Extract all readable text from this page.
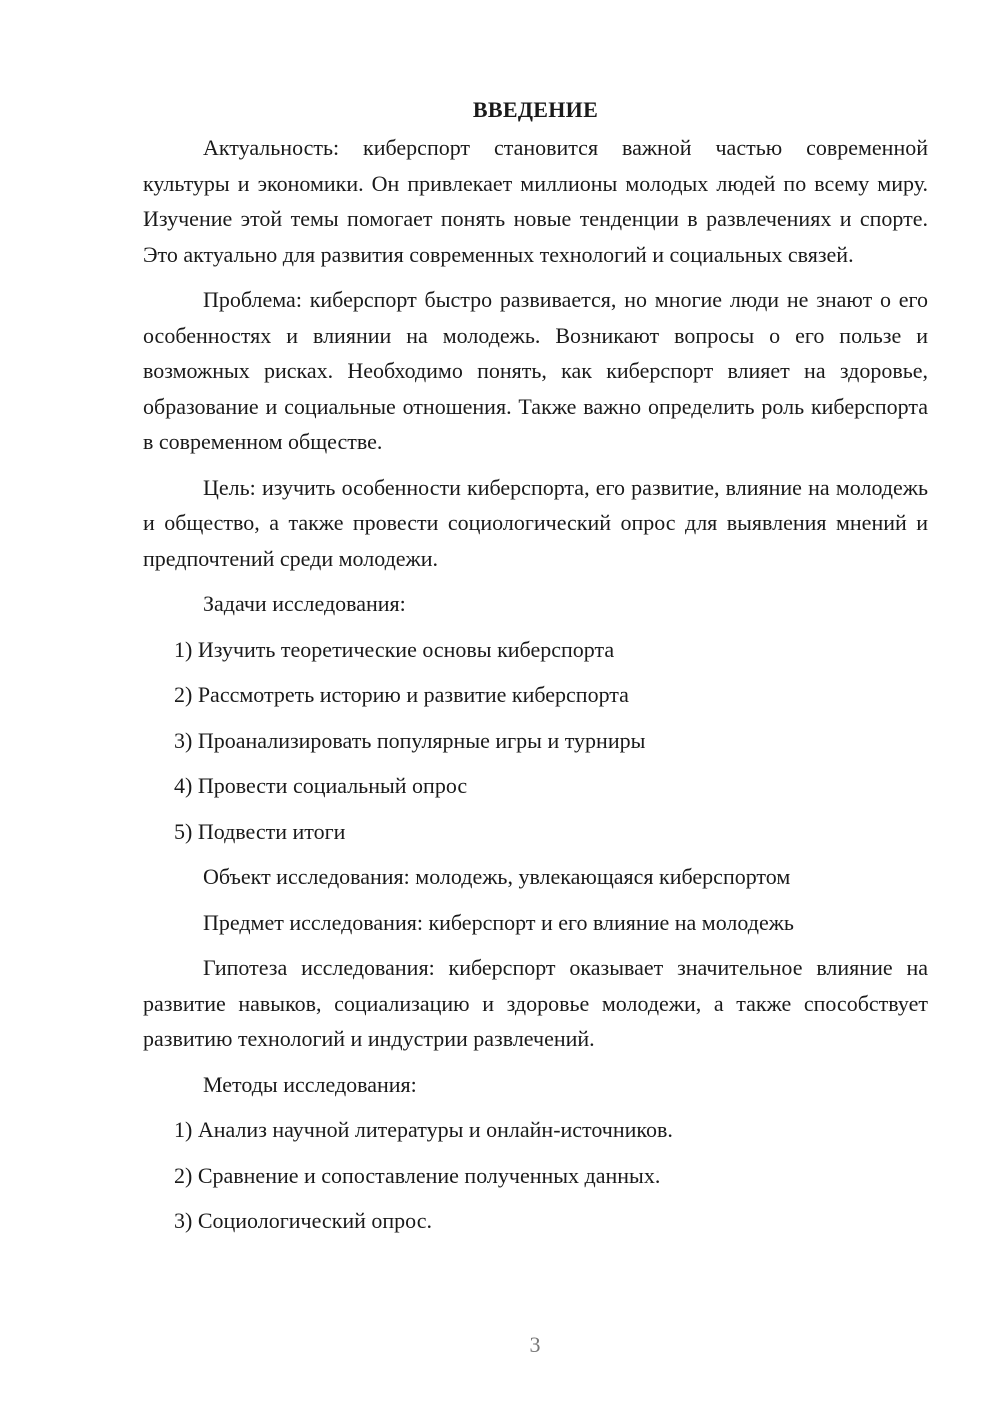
ВВЕДЕНИЕ

Актуальность: киберспорт становится важной частью современной культуры и экономики. Он привлекает миллионы молодых людей по всему миру. Изучение этой темы помогает понять новые тенденции в развлечениях и спорте. Это актуально для развития современных технологий и социальных связей.

Проблема: киберспорт быстро развивается, но многие люди не знают о его особенностях и влиянии на молодежь. Возникают вопросы о его пользе и возможных рисках. Необходимо понять, как киберспорт влияет на здоровье, образование и социальные отношения. Также важно определить роль киберспорта в современном обществе.

Цель: изучить особенности киберспорта, его развитие, влияние на молодежь и общество, а также провести социологический опрос для выявления мнений и предпочтений среди молодежи.

Задачи исследования:
1) Изучить теоретические основы киберспорта
2) Рассмотреть историю и развитие киберспорта
3) Проанализировать популярные игры и турниры
4) Провести социальный опрос
5) Подвести итоги
Объект исследования: молодежь, увлекающаяся киберспортом
Предмет исследования: киберспорт и его влияние на молодежь

Гипотеза исследования: киберспорт оказывает значительное влияние на развитие навыков, социализацию и здоровье молодежи, а также способствует развитию технологий и индустрии развлечений.

Методы исследования:
1) Анализ научной литературы и онлайн-источников.
2) Сравнение и сопоставление полученных данных.
3) Социологический опрос.
3
